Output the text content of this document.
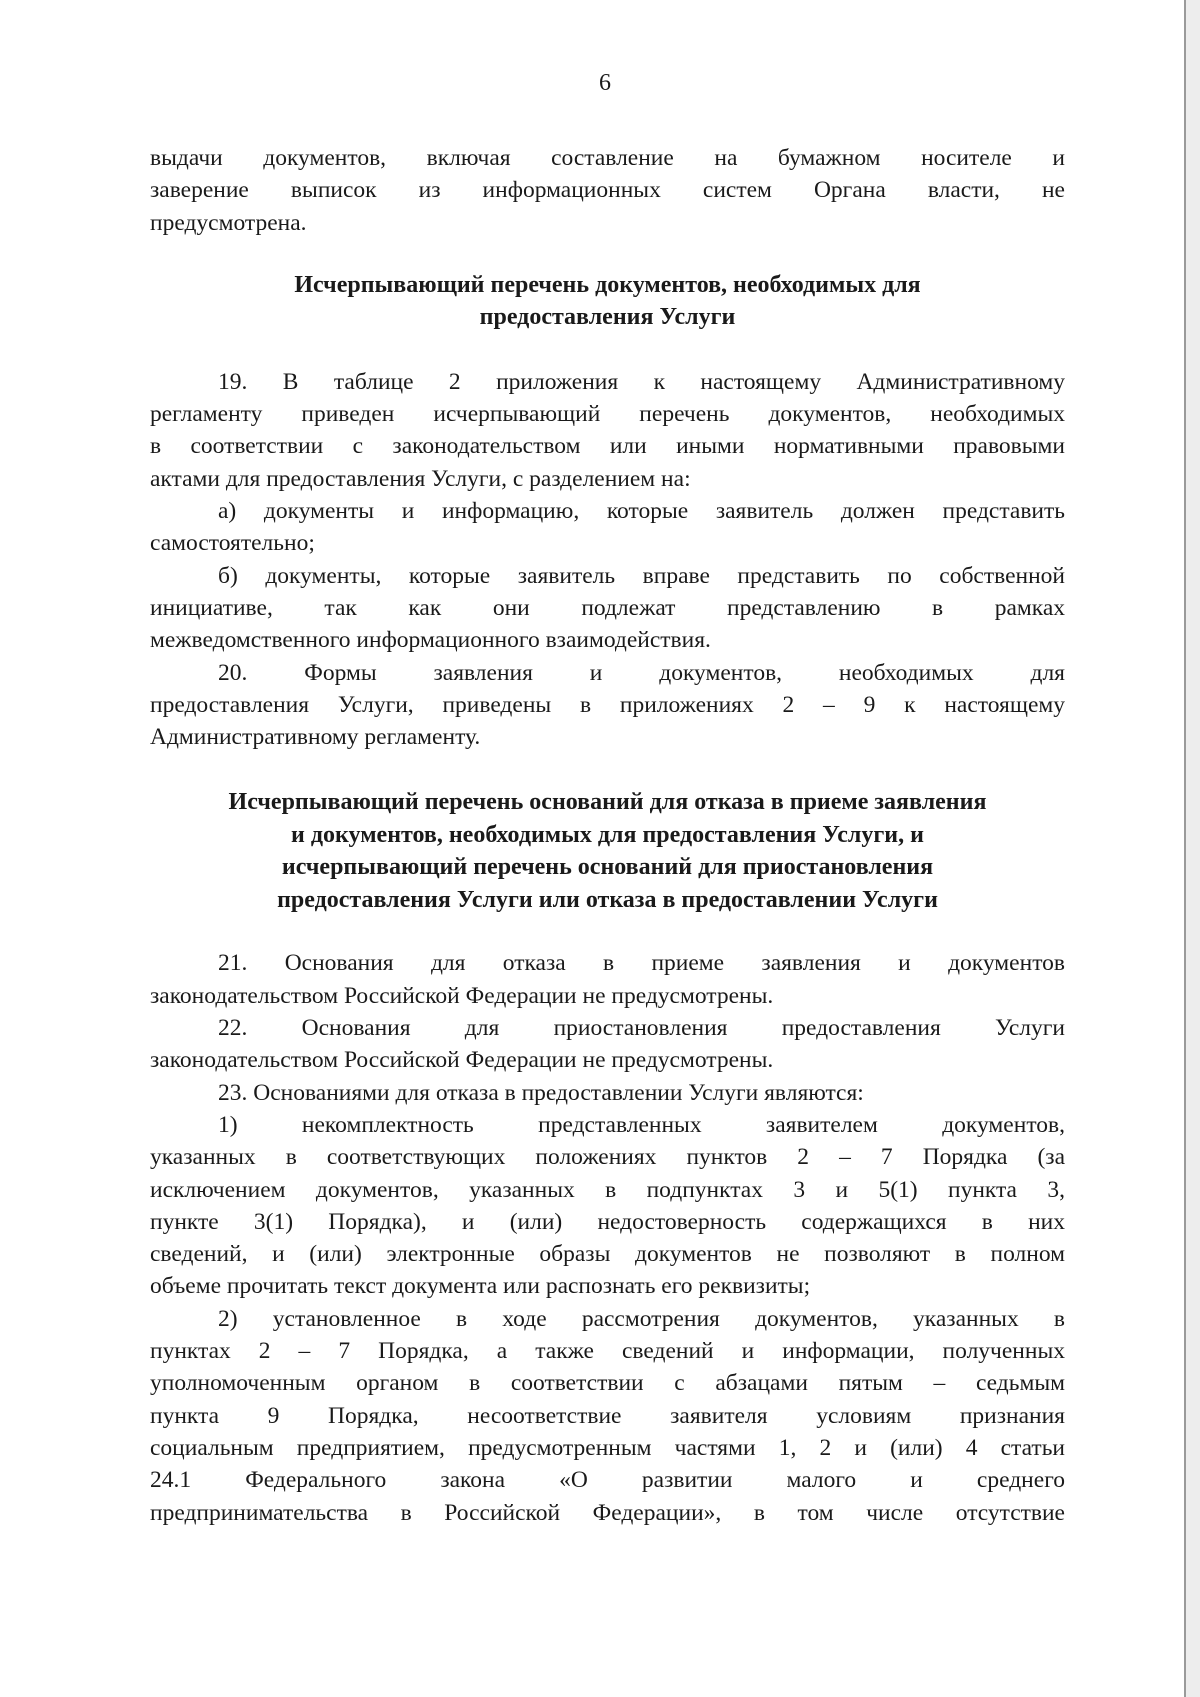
6

выдачи документов, включая составление на бумажном носителе и

заверение выписок из информационных систем Органа власти, не

предусмотрена.

Исчерпывающий перечень документов, необходимых для
предоставления Услуги

19. В таблице 2 приложения к настоящему Административному

регламенту приведен исчерпывающий перечень документов, необходимых

в соответствии с законодательством или иными нормативными правовыми

актами для предоставления Услуги, с разделением на:

а) документы и информацию, которые заявитель должен представить

самостоятельно;

б) документы, которые заявитель вправе представить по собственной

инициативе, так как они подлежат представлению в рамках

межведомственного информационного взаимодействия.

20. Формы заявления и документов, необходимых для

предоставления Услуги, приведены в приложениях 2 – 9 к настоящему

Административному регламенту.

Исчерпывающий перечень оснований для отказа в приеме заявления
и документов, необходимых для предоставления Услуги, и
исчерпывающий перечень оснований для приостановления
предоставления Услуги или отказа в предоставлении Услуги

21. Основания для отказа в приеме заявления и документов

законодательством Российской Федерации не предусмотрены.

22. Основания для приостановления предоставления Услуги

законодательством Российской Федерации не предусмотрены.

23. Основаниями для отказа в предоставлении Услуги являются:

1) некомплектность представленных заявителем документов,

указанных в соответствующих положениях пунктов 2 – 7 Порядка (за

исключением документов, указанных в подпунктах 3 и 5(1) пункта 3,

пункте 3(1) Порядка), и (или) недостоверность содержащихся в них

сведений, и (или) электронные образы документов не позволяют в полном

объеме прочитать текст документа или распознать его реквизиты;

2) установленное в ходе рассмотрения документов, указанных в

пунктах 2 – 7 Порядка, а также сведений и информации, полученных

уполномоченным органом в соответствии с абзацами пятым – седьмым

пункта 9 Порядка, несоответствие заявителя условиям признания

социальным предприятием, предусмотренным частями 1, 2 и (или) 4 статьи

24.1 Федерального закона «О развитии малого и среднего

предпринимательства в Российской Федерации», в том числе отсутствие
